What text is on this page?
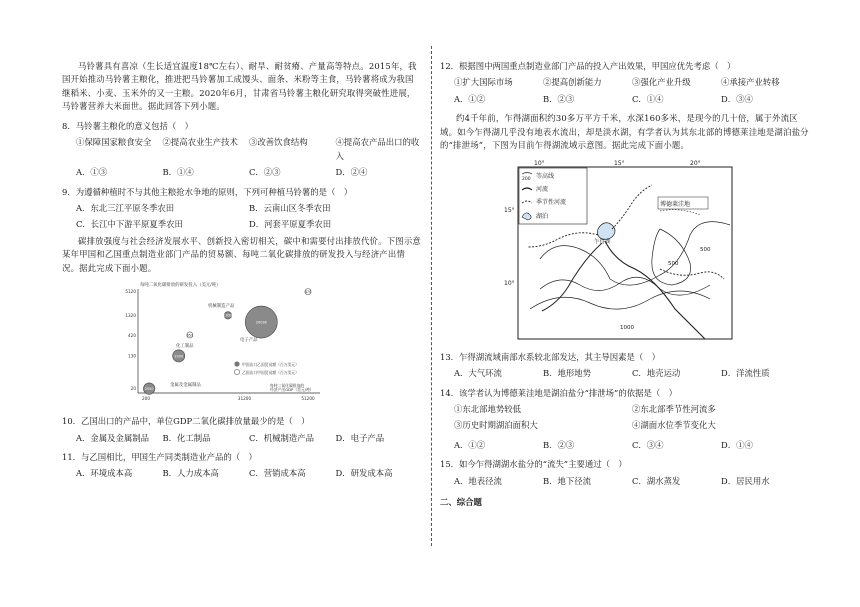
马铃薯具有喜凉（生长适宜温度18℃左右）、耐旱、耐贫瘠、产量高等特点。2015年，我国开始推动马铃薯主粮化，推进把马铃薯加工成馒头、面条、米粉等主食，马铃薯将成为我国继稻米、小麦、玉米外的又一主粮。2020年6月，甘肃省马铃薯主粮化研究取得突破性进展，马铃薯营养大米面世。据此回答下列小题。

8．马铃薯主粮化的意义包括（　）
①保障国家粮食安全	②提高农业生产技术	③改善饮食结构	④提高农产品出口的收入
A．①③	B．①④	C．②③	D．②④
9．为遵循种植时不与其他主粮抢水争地的原则，下列可种植马铃薯的是（　）
A．东北三江平原冬季农田	B．云南山区冬季农田
C．长江中下游平原夏季农田	D．河套平原夏季农田

碳排放强度与社会经济发展水平、创新投入密切相关，碳中和需要付出排放代价。下图示意某年甲国和乙国重点制造业部门产品的贸易额、每吨二氧化碳排放的研发投入与经济产出情况。据此完成下面小题。

每吨二氧化碳排放的研发投入（美元/吨）
20
130
420
1320
5120
200	31200	51200
2550
2900
1059
20036
651
470
机械制造产品
电子产品
化工制品
金属及金属制品
甲国出口乙国贸易额（百万美元）
乙国出口甲国贸易额（百万美元）
每吨二氧化碳排放的
经济产出GDP（美元/吨）
10．乙国出口的产品中，单位GDP二氧化碳排放量最少的是（　）
A．金属及金属制品	B．化工制品	C．机械制造产品	D．电子产品
11．与乙国相比，甲国生产同类制造业产品的（　）
A．环境成本高	B．人力成本高	C．营销成本高	D．研发成本高
12．根据图中两国重点制造业部门产品的投入产出效果，甲国应优先考虑（　）
①扩大国际市场	②提高创新能力	③强化产业升级	④承接产业转移
A．①②	B．②③	C．①④	D．③④

约4千年前，乍得湖面积约30多万平方千米，水深160多米，是现今的几十倍，属于外流区域。如今乍得湖几乎没有地表水流出，却是淡水湖，有学者认为其东北部的博德莱洼地是湖泊盐分的“排泄场”，下图为目前乍得湖流域示意图。据此完成下面小题。

10°	15°	20°
15°
10°
200 等高线
河流
季节性河流
湖泊
博德莱洼地
乍得湖
500
500
1000
13．乍得湖流域南部水系较北部发达，其主导因素是（　）
A．大气环流	B．地形地势	C．地壳运动	D．洋流性质
14．该学者认为博德莱洼地是湖泊盐分“排泄场”的依据是（　）
①东北部地势较低	②东北部季节性河流多
③历史时期湖泊面积大	④湖面水位季节变化大
A．①②	B．②③	C．③④	D．①④
15．如今乍得湖湖水盐分的“流失”主要通过（　）
A．地表径流	B．地下径流	C．湖水蒸发	D．居民用水
二、综合题
